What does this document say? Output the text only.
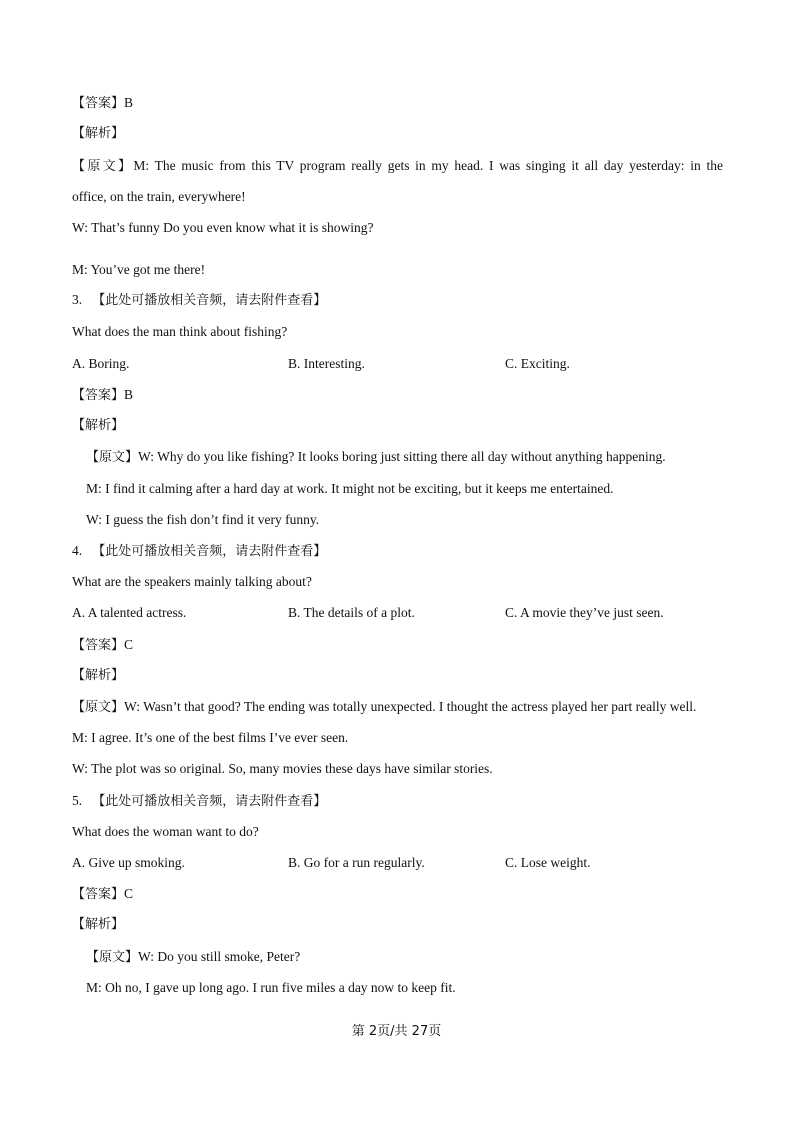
【答案】B
【解析】
【原文】M: The music from this TV program really gets in my head. I was singing it all day yesterday: in the
office, on the train, everywhere!
W: That’s funny Do you even know what it is showing?
M: You’ve got me there!
3. 【此处可播放相关音频，请去附件查看】
What does the man think about fishing?
A. Boring.	B. Interesting.	C. Exciting.
【答案】B
【解析】
【原文】W: Why do you like fishing? It looks boring just sitting there all day without anything happening.
M: I find it calming after a hard day at work. It might not be exciting, but it keeps me entertained.
W: I guess the fish don’t find it very funny.
4. 【此处可播放相关音频，请去附件查看】
What are the speakers mainly talking about?
A. A talented actress.	B. The details of a plot.	C. A movie they’ve just seen.
【答案】C
【解析】
【原文】W: Wasn’t that good? The ending was totally unexpected. I thought the actress played her part really well.
M: I agree. It’s one of the best films I’ve ever seen.
W: The plot was so original. So, many movies these days have similar stories.
5. 【此处可播放相关音频，请去附件查看】
What does the woman want to do?
A. Give up smoking.	B. Go for a run regularly.	C. Lose weight.
【答案】C
【解析】
【原文】W: Do you still smoke, Peter?
M: Oh no, I gave up long ago. I run five miles a day now to keep fit.
第 2页/共 27页
